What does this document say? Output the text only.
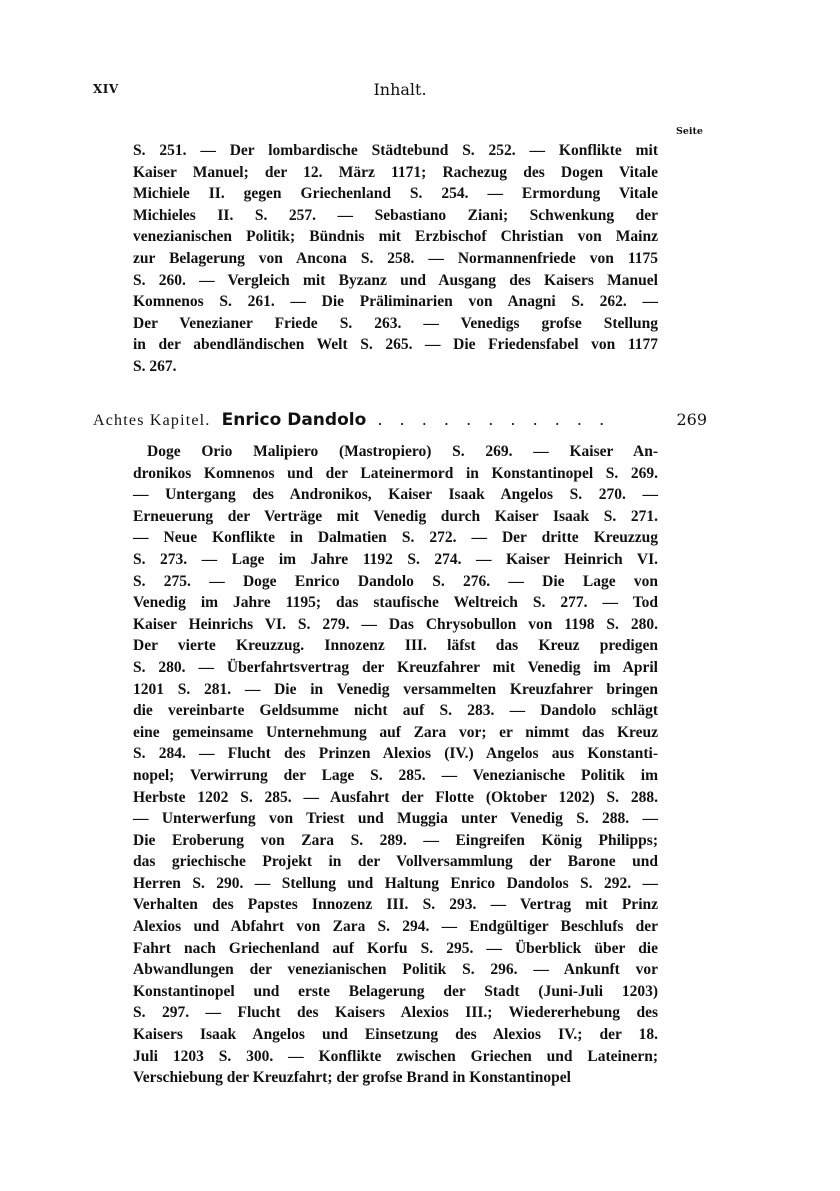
XIV	Inhalt.
Seite
S. 251. — Der lombardische Städtebund S. 252. — Konflikte mit
Kaiser Manuel; der 12. März 1171; Rachezug des Dogen Vitale
Michiele II. gegen Griechenland S. 254. — Ermordung Vitale
Michieles II. S. 257. — Sebastiano Ziani; Schwenkung der
venezianischen Politik; Bündnis mit Erzbischof Christian von Mainz
zur Belagerung von Ancona S. 258. — Normannenfriede von 1175
S. 260. — Vergleich mit Byzanz und Ausgang des Kaisers Manuel
Komnenos S. 261. — Die Präliminarien von Anagni S. 262. —
Der Venezianer Friede S. 263. — Venedigs grofse Stellung
in der abendländischen Welt S. 265. — Die Friedensfabel von 1177
S. 267.
Achtes Kapitel. Enrico Dandolo . . . . . . . . . . .	269
Doge Orio Malipiero (Mastropiero) S. 269. — Kaiser An-
dronikos Komnenos und der Lateinermord in Konstantinopel S. 269.
— Untergang des Andronikos, Kaiser Isaak Angelos S. 270. —
Erneuerung der Verträge mit Venedig durch Kaiser Isaak S. 271.
— Neue Konflikte in Dalmatien S. 272. — Der dritte Kreuzzug
S. 273. — Lage im Jahre 1192 S. 274. — Kaiser Heinrich VI.
S. 275. — Doge Enrico Dandolo S. 276. — Die Lage von
Venedig im Jahre 1195; das staufische Weltreich S. 277. — Tod
Kaiser Heinrichs VI. S. 279. — Das Chrysobullon von 1198 S. 280.
Der vierte Kreuzzug. Innozenz III. läfst das Kreuz predigen
S. 280. — Überfahrtsvertrag der Kreuzfahrer mit Venedig im April
1201 S. 281. — Die in Venedig versammelten Kreuzfahrer bringen
die vereinbarte Geldsumme nicht auf S. 283. — Dandolo schlägt
eine gemeinsame Unternehmung auf Zara vor; er nimmt das Kreuz
S. 284. — Flucht des Prinzen Alexios (IV.) Angelos aus Konstanti-
nopel; Verwirrung der Lage S. 285. — Venezianische Politik im
Herbste 1202 S. 285. — Ausfahrt der Flotte (Oktober 1202) S. 288.
— Unterwerfung von Triest und Muggia unter Venedig S. 288. —
Die Eroberung von Zara S. 289. — Eingreifen König Philipps;
das griechische Projekt in der Vollversammlung der Barone und
Herren S. 290. — Stellung und Haltung Enrico Dandolos S. 292. —
Verhalten des Papstes Innozenz III. S. 293. — Vertrag mit Prinz
Alexios und Abfahrt von Zara S. 294. — Endgültiger Beschlufs der
Fahrt nach Griechenland auf Korfu S. 295. — Überblick über die
Abwandlungen der venezianischen Politik S. 296. — Ankunft vor
Konstantinopel und erste Belagerung der Stadt (Juni-Juli 1203)
S. 297. — Flucht des Kaisers Alexios III.; Wiedererhebung des
Kaisers Isaak Angelos und Einsetzung des Alexios IV.; der 18.
Juli 1203 S. 300. — Konflikte zwischen Griechen und Lateinern;
Verschiebung der Kreuzfahrt; der grofse Brand in Konstantinopel
